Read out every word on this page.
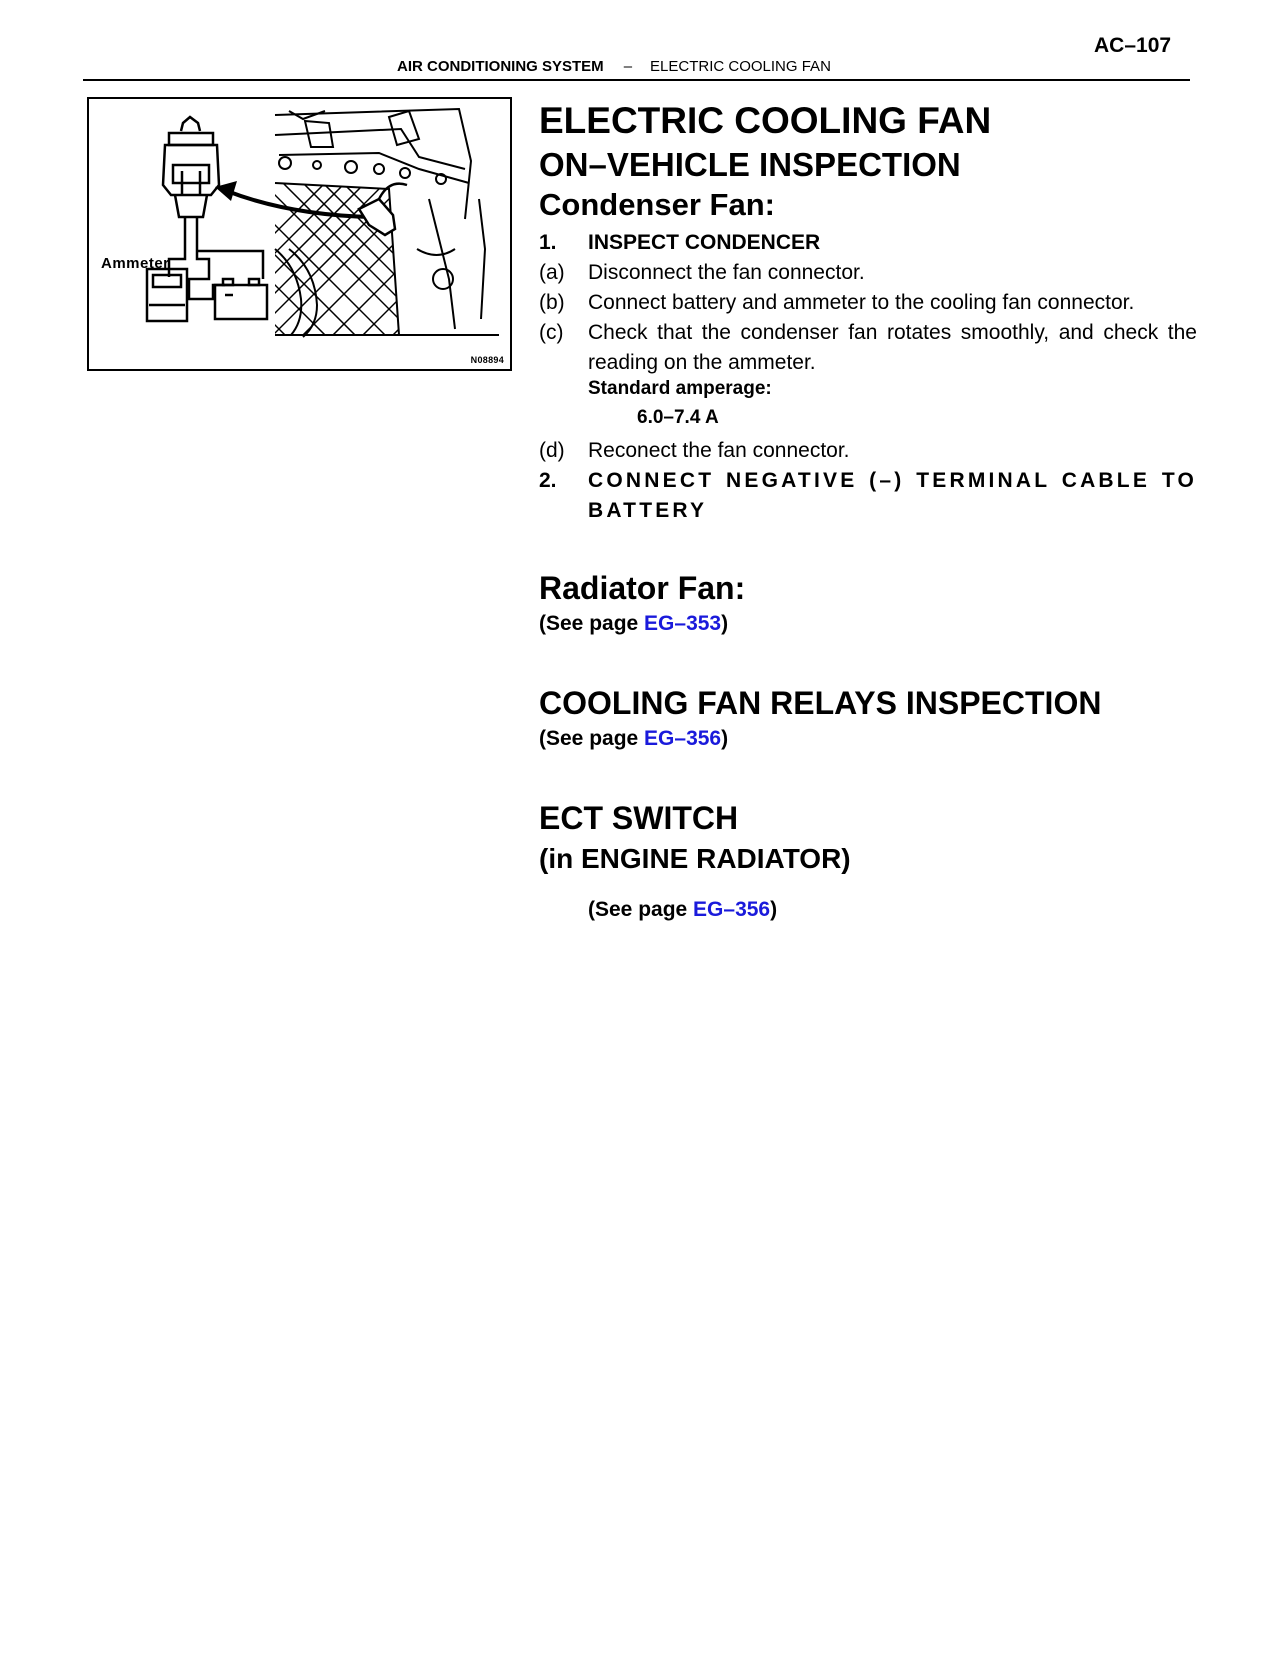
AC–107
AIR CONDITIONING SYSTEM – ELECTRIC COOLING FAN
Ammeter
N08894
ELECTRIC COOLING FAN
ON–VEHICLE INSPECTION
Condenser Fan:
1. INSPECT CONDENCER
(a) Disconnect the fan connector.
(b) Connect battery and ammeter to the cooling fan connector.
(c) Check that the condenser fan rotates smoothly, and check the reading on the ammeter.
Standard amperage:
6.0–7.4 A
(d) Reconect the fan connector.
2. CONNECT NEGATIVE (–) TERMINAL CABLE TO BATTERY
Radiator Fan:
(See page EG–353)
COOLING FAN RELAYS INSPECTION
(See page EG–356)
ECT SWITCH
(in ENGINE RADIATOR)
(See page EG–356)
